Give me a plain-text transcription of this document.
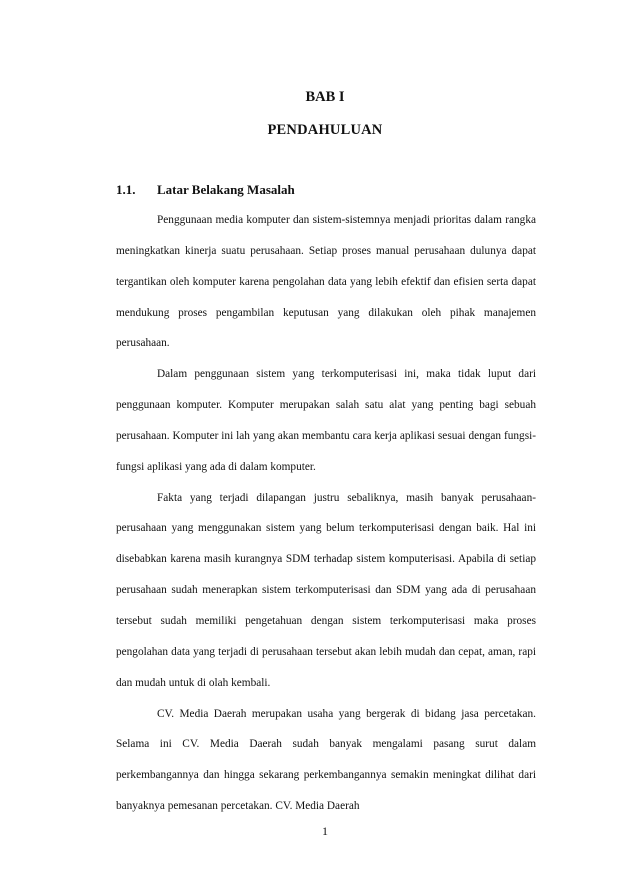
BAB I
PENDAHULUAN
1.1. Latar Belakang Masalah

Penggunaan media komputer dan sistem-sistemnya menjadi prioritas dalam rangka meningkatkan kinerja suatu perusahaan. Setiap proses manual perusahaan dulunya dapat tergantikan oleh komputer karena pengolahan data yang lebih efektif dan efisien serta dapat mendukung proses pengambilan keputusan yang dilakukan oleh pihak manajemen perusahaan.

Dalam penggunaan sistem yang terkomputerisasi ini, maka tidak luput dari penggunaan komputer. Komputer merupakan salah satu alat yang penting bagi sebuah perusahaan. Komputer ini lah yang akan membantu cara kerja aplikasi sesuai dengan fungsi-fungsi aplikasi yang ada di dalam komputer.

Fakta yang terjadi dilapangan justru sebaliknya, masih banyak perusahaan-perusahaan yang menggunakan sistem yang belum terkomputerisasi dengan baik. Hal ini disebabkan karena masih kurangnya SDM terhadap sistem komputerisasi. Apabila di setiap perusahaan sudah menerapkan sistem terkomputerisasi dan SDM yang ada di perusahaan tersebut sudah memiliki pengetahuan dengan sistem terkomputerisasi maka proses pengolahan data yang terjadi di perusahaan tersebut akan lebih mudah dan cepat, aman, rapi dan mudah untuk di olah kembali.

CV. Media Daerah merupakan usaha yang bergerak di bidang jasa percetakan. Selama ini CV. Media Daerah sudah banyak mengalami pasang surut dalam perkembangannya dan hingga sekarang perkembangannya semakin meningkat dilihat dari banyaknya pemesanan percetakan. CV. Media Daerah

1
